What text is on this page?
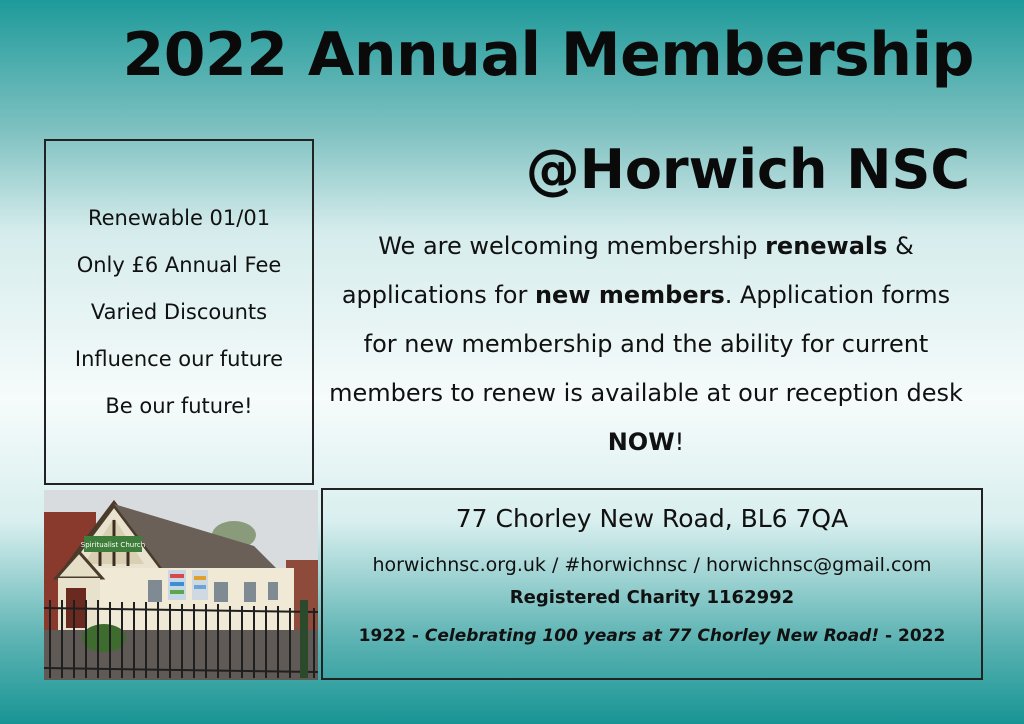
2022 Annual Membership
@Horwich NSC
Renewable 01/01
Only £6 Annual Fee
Varied Discounts
Influence our future
Be our future!
We are welcoming membership renewals & applications for new members. Application forms for new membership and the ability for current members to renew is available at our reception desk NOW!
Spiritualist Church
77 Chorley New Road, BL6 7QA
horwichnsc.org.uk / #horwichnsc / horwichnsc@gmail.com
Registered Charity 1162992
1922 - Celebrating 100 years at 77 Chorley New Road! - 2022
